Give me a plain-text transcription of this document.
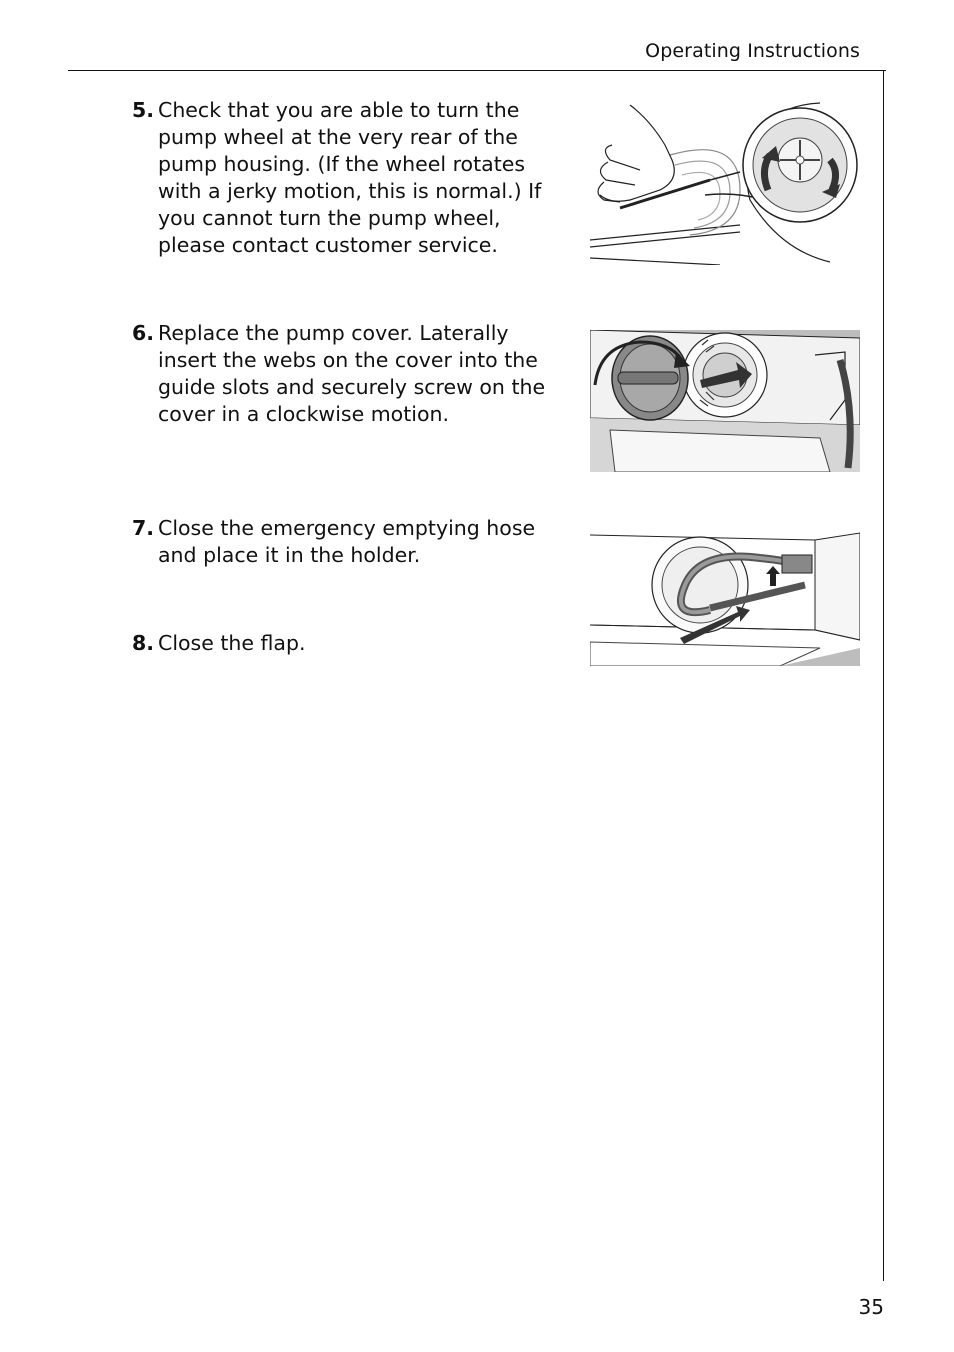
Operating Instructions
5. Check that you are able to turn the pump wheel at the very rear of the pump housing. (If the wheel rotates with a jerky motion, this is normal.) If you cannot turn the pump wheel, please contact customer service.
6. Replace the pump cover. Laterally insert the webs on the cover into the guide slots and securely screw on the cover in a clockwise motion.
7. Close the emergency emptying hose and place it in the holder.
8. Close the flap.
35
